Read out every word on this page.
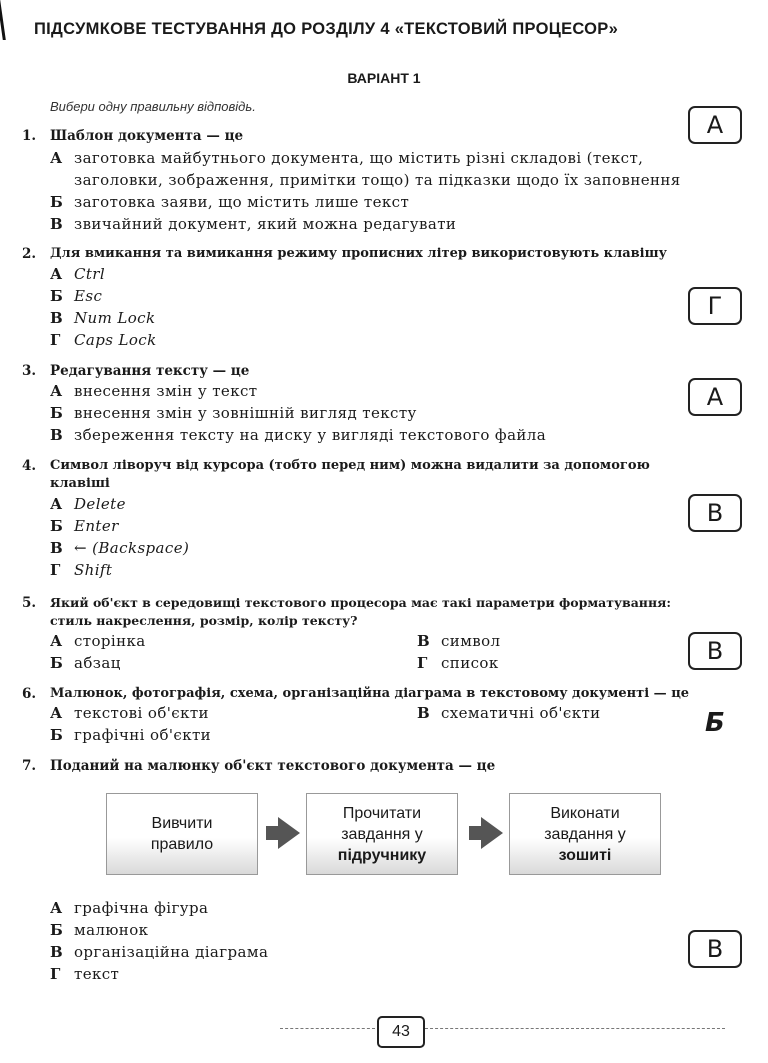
ПІДСУМКОВЕ ТЕСТУВАННЯ ДО РОЗДІЛУ 4 «ТЕКСТОВИЙ ПРОЦЕСОР»
ВАРІАНТ 1
Вибери одну правильну відповідь.
1. Шаблон документа — це
А заготовка майбутнього документа, що містить різні складові (текст,
заголовки, зображення, примітки тощо) та підказки щодо їх заповнення
Б заготовка заяви, що містить лише текст
В звичайний документ, який можна редагувати
А
2. Для вмикання та вимикання режиму прописних літер використовують клавішу
А Ctrl
Б Esc
В Num Lock
Г Caps Lock
Г
3. Редагування тексту — це
А внесення змін у текст
Б внесення змін у зовнішній вигляд тексту
В збереження тексту на диску у вигляді текстового файла
А
4. Символ ліворуч від курсора (тобто перед ним) можна видалити за допомогою
клавіші
А Delete
Б Enter
В ← (Backspace)
Г Shift
В
5. Який об'єкт в середовищі текстового процесора має такі параметри форматування:
стиль накреслення, розмір, колір тексту?
А сторінка
Б абзац
В символ
Г список	В
6. Малюнок, фотографія, схема, організаційна діаграма в текстовому документі — це
А текстові об'єкти
Б графічні об'єкти
В схематичні об'єкти	Б
7. Поданий на малюнку об'єкт текстового документа — це
Вивчити
правило
Прочитати
завдання у
підручнику
Виконати
завдання у
зошиті
А графічна фігура
Б малюнок
В організаційна діаграма
Г текст
В
43
